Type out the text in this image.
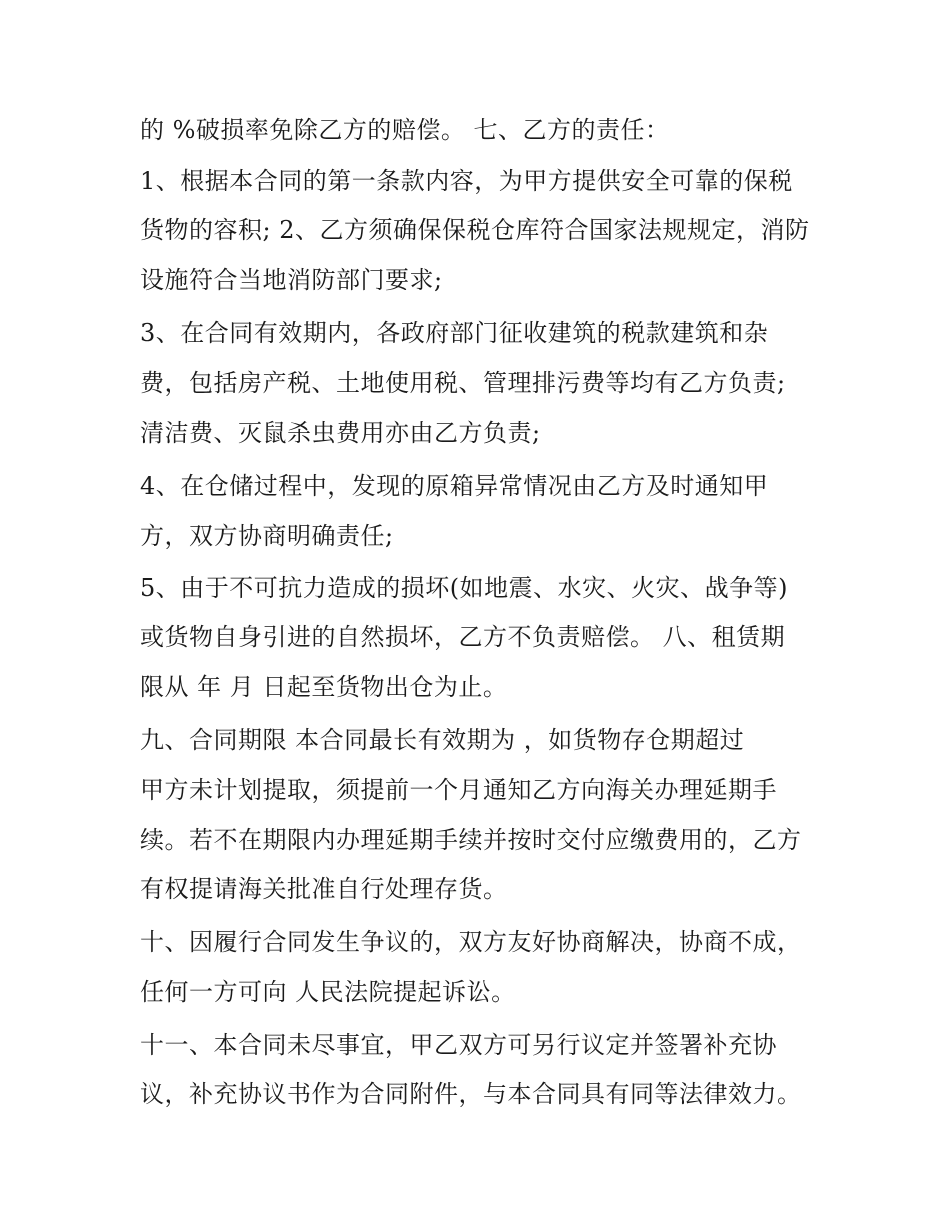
的 %破损率免除乙方的赔偿。 七、乙方的责任：
1、根据本合同的第一条款内容，为甲方提供安全可靠的保税
货物的容积; 2、乙方须确保保税仓库符合国家法规规定，消防
设施符合当地消防部门要求;
3、在合同有效期内，各政府部门征收建筑的税款建筑和杂
费，包括房产税、土地使用税、管理排污费等均有乙方负责;
清洁费、灭鼠杀虫费用亦由乙方负责;
4、在仓储过程中，发现的原箱异常情况由乙方及时通知甲
方，双方协商明确责任;
5、由于不可抗力造成的损坏(如地震、水灾、火灾、战争等)
或货物自身引进的自然损坏，乙方不负责赔偿。 八、租赁期
限从 年 月 日起至货物出仓为止。
九、合同期限 本合同最长有效期为 ，如货物存仓期超过
甲方未计划提取，须提前一个月通知乙方向海关办理延期手
续。若不在期限内办理延期手续并按时交付应缴费用的，乙方
有权提请海关批准自行处理存货。
十、因履行合同发生争议的，双方友好协商解决，协商不成，
任何一方可向 人民法院提起诉讼。
十一、本合同未尽事宜，甲乙双方可另行议定并签署补充协
议，补充协议书作为合同附件，与本合同具有同等法律效力。
